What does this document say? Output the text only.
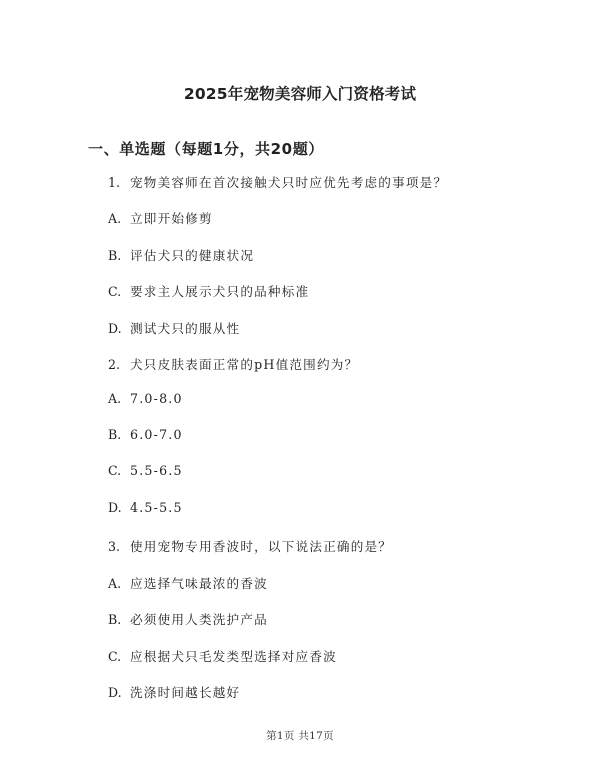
2025年宠物美容师入门资格考试
一、单选题（每题1分，共20题）
1. 宠物美容师在首次接触犬只时应优先考虑的事项是？
A. 立即开始修剪
B. 评估犬只的健康状况
C. 要求主人展示犬只的品种标准
D. 测试犬只的服从性
2. 犬只皮肤表面正常的pH值范围约为？
A. 7.0-8.0
B. 6.0-7.0
C. 5.5-6.5
D. 4.5-5.5
3. 使用宠物专用香波时，以下说法正确的是？
A. 应选择气味最浓的香波
B. 必须使用人类洗护产品
C. 应根据犬只毛发类型选择对应香波
D. 洗涤时间越长越好
第1页 共17页
